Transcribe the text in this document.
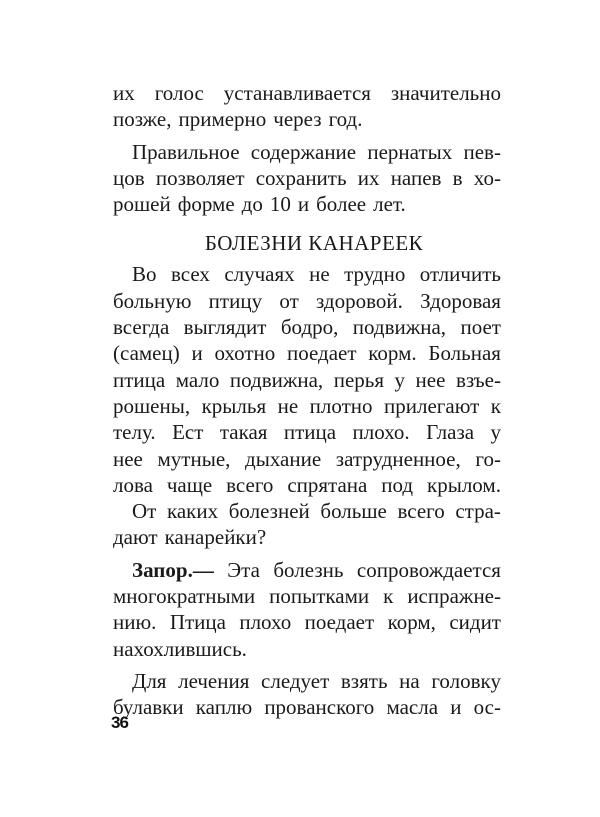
их голос устанавливается значительно
позже, примерно через год.
Правильное содержание пернатых пев-
цов позволяет сохранить их напев в хо-
рошей форме до 10 и более лет.
БОЛЕЗНИ КАНАРЕЕК
Во всех случаях не трудно отличить
больную птицу от здоровой. Здоровая
всегда выглядит бодро, подвижна, поет
(самец) и охотно поедает корм. Больная
птица мало подвижна, перья у нее взъе-
рошены, крылья не плотно прилегают к
телу. Ест такая птица плохо. Глаза у
нее мутные, дыхание затрудненное, го-
лова чаще всего спрятана под крылом.
От каких болезней больше всего стра-
дают канарейки?
Запор.— Эта болезнь сопровождается
многократными попытками к испражне-
нию. Птица плохо поедает корм, сидит
нахохлившись.
Для лечения следует взять на головку
булавки каплю прованского масла и ос-
36
